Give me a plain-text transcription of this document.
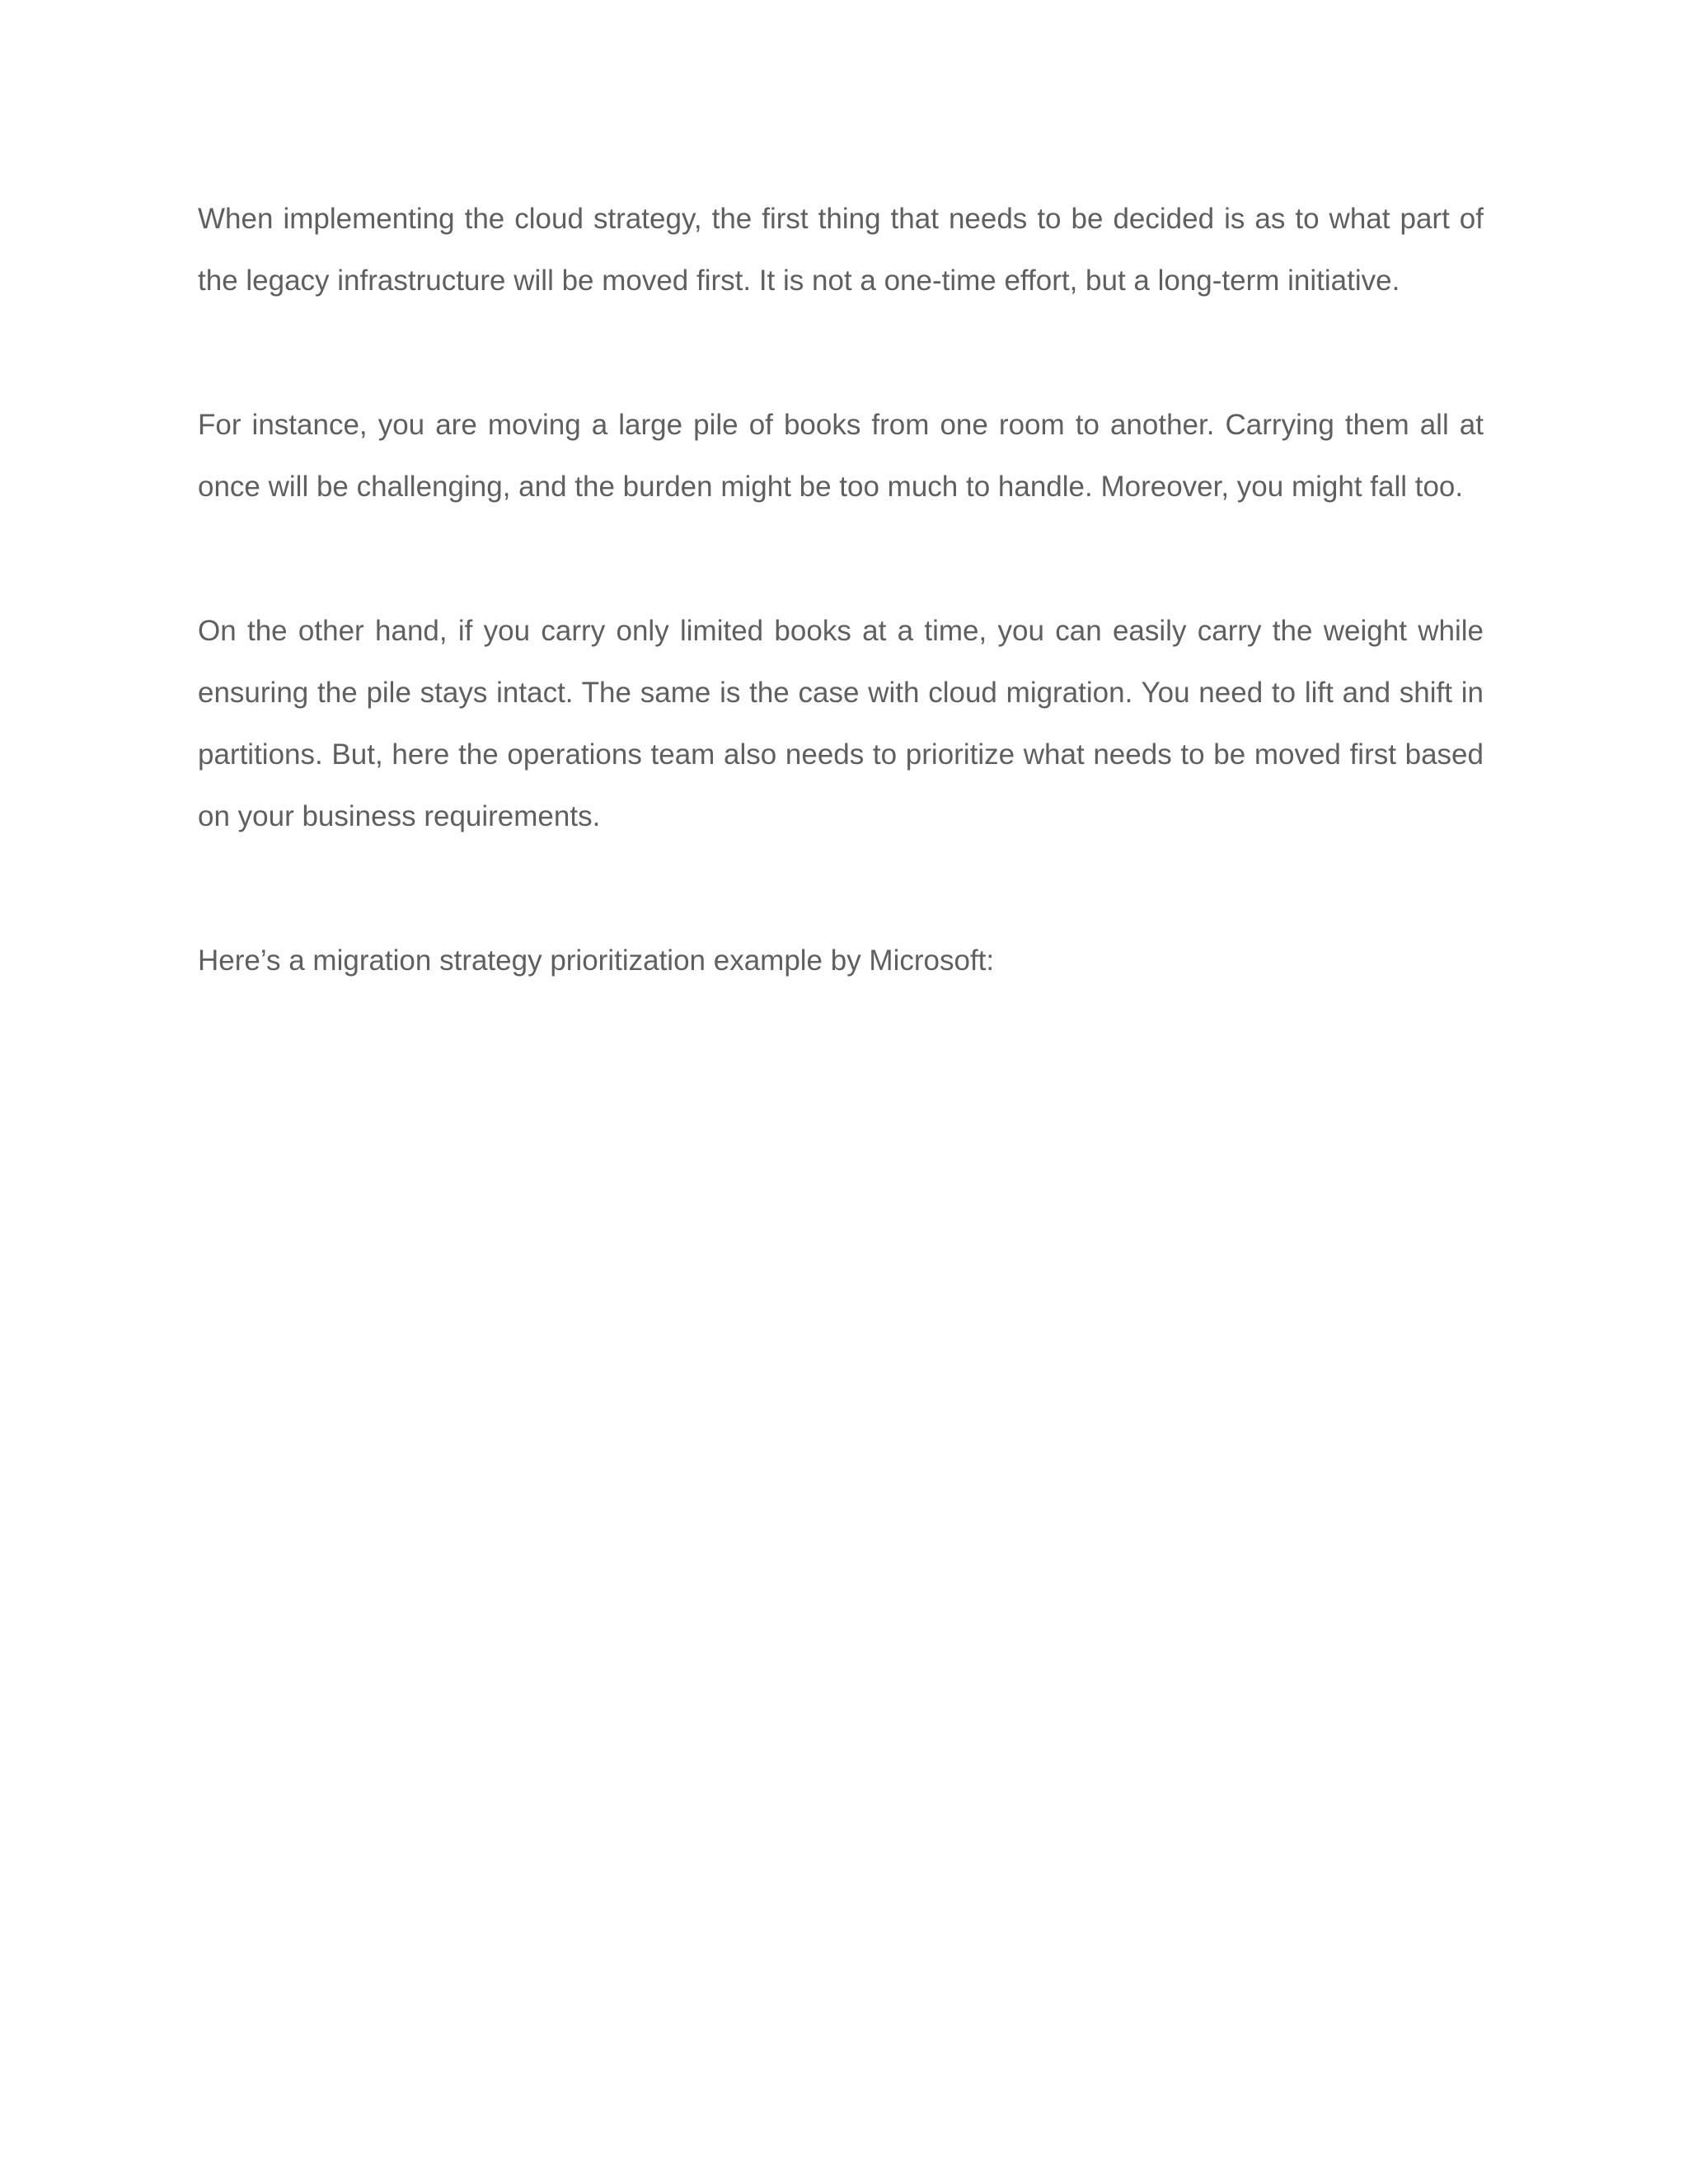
When implementing the cloud strategy, the first thing that needs to be decided is as to what part of the legacy infrastructure will be moved first. It is not a one-time effort, but a long-term initiative.

For instance, you are moving a large pile of books from one room to another. Carrying them all at once will be challenging, and the burden might be too much to handle. Moreover, you might fall too.

On the other hand, if you carry only limited books at a time, you can easily carry the weight while ensuring the pile stays intact. The same is the case with cloud migration. You need to lift and shift in partitions. But, here the operations team also needs to prioritize what needs to be moved first based on your business requirements.

Here’s a migration strategy prioritization example by Microsoft:
